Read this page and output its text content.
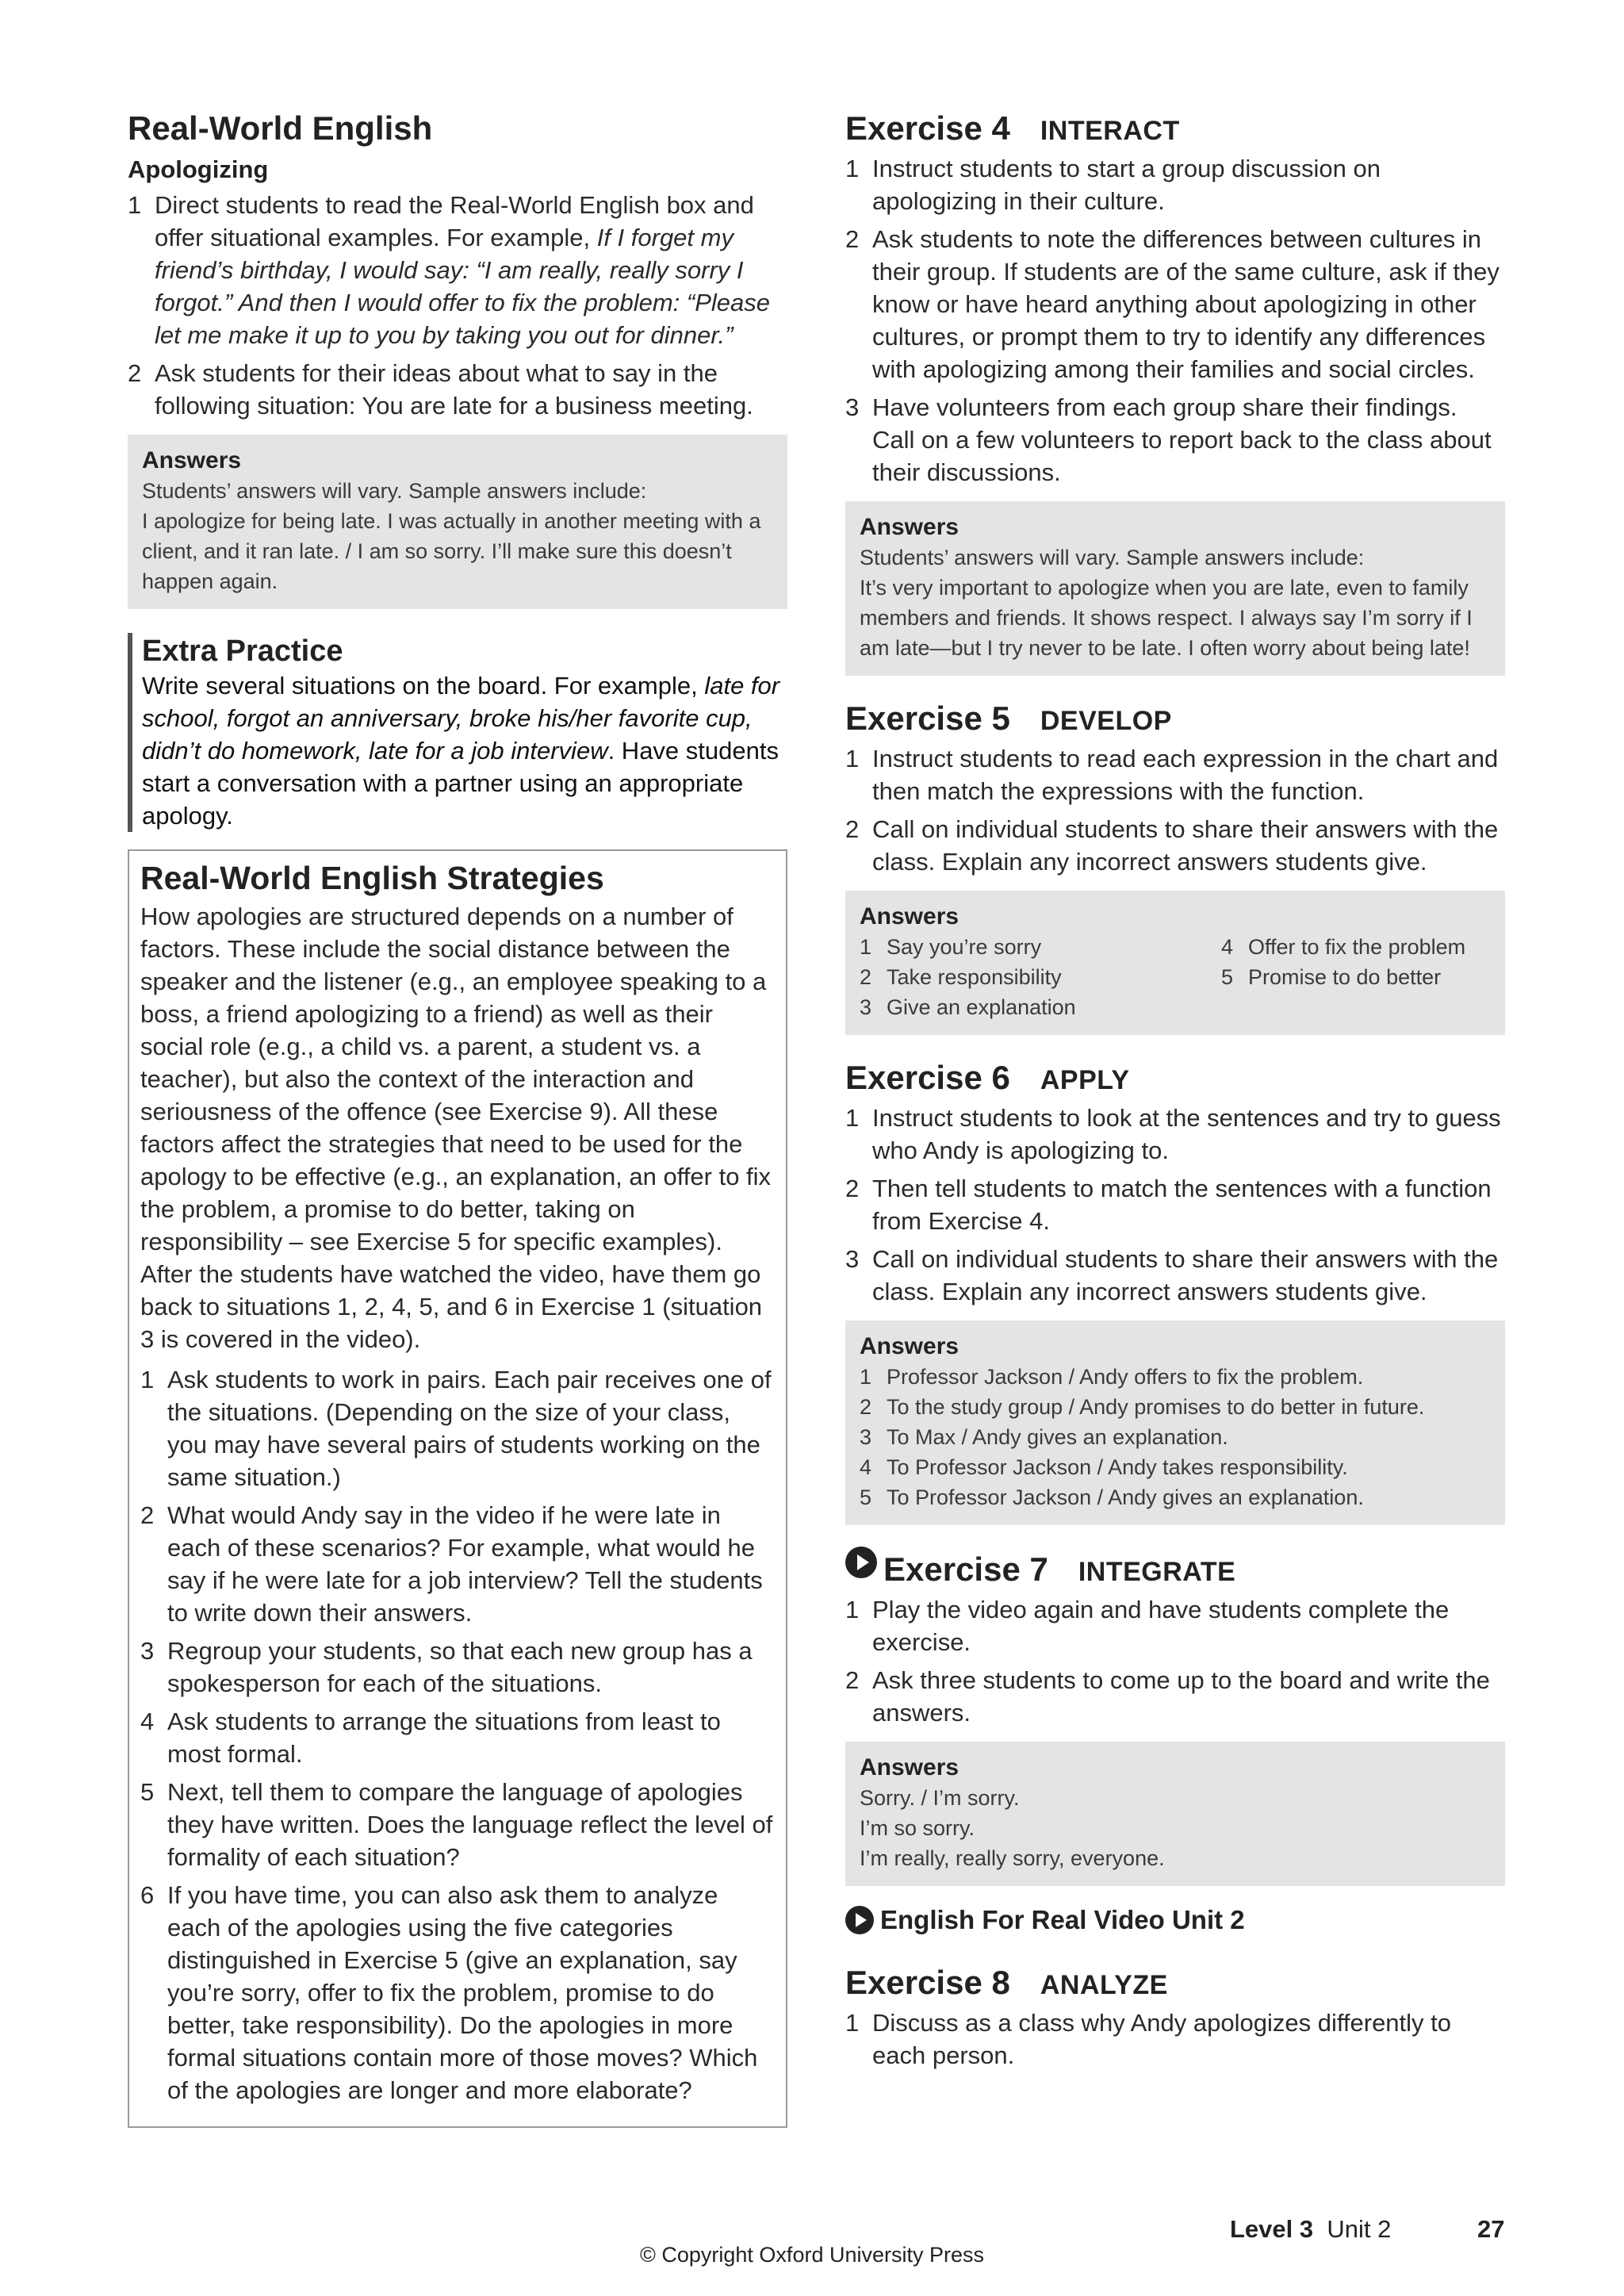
Real-World English
Apologizing
1 Direct students to read the Real-World English box and offer situational examples. For example, If I forget my friend’s birthday, I would say: “I am really, really sorry I forgot.” And then I would offer to fix the problem: “Please let me make it up to you by taking you out for dinner.”
2 Ask students for their ideas about what to say in the following situation: You are late for a business meeting.
Answers
Students’ answers will vary. Sample answers include:
I apologize for being late. I was actually in another meeting with a client, and it ran late. / I am so sorry. I’ll make sure this doesn’t happen again.
Extra Practice
Write several situations on the board. For example, late for school, forgot an anniversary, broke his/her favorite cup, didn’t do homework, late for a job interview. Have students start a conversation with a partner using an appropriate apology.
Real-World English Strategies
How apologies are structured depends on a number of factors. These include the social distance between the speaker and the listener (e.g., an employee speaking to a boss, a friend apologizing to a friend) as well as their social role (e.g., a child vs. a parent, a student vs. a teacher), but also the context of the interaction and seriousness of the offence (see Exercise 9). All these factors affect the strategies that need to be used for the apology to be effective (e.g., an explanation, an offer to fix the problem, a promise to do better, taking on responsibility – see Exercise 5 for specific examples). After the students have watched the video, have them go back to situations 1, 2, 4, 5, and 6 in Exercise 1 (situation 3 is covered in the video).
1 Ask students to work in pairs. Each pair receives one of the situations. (Depending on the size of your class, you may have several pairs of students working on the same situation.)
2 What would Andy say in the video if he were late in each of these scenarios? For example, what would he say if he were late for a job interview? Tell the students to write down their answers.
3 Regroup your students, so that each new group has a spokesperson for each of the situations.
4 Ask students to arrange the situations from least to most formal.
5 Next, tell them to compare the language of apologies they have written. Does the language reflect the level of formality of each situation?
6 If you have time, you can also ask them to analyze each of the apologies using the five categories distinguished in Exercise 5 (give an explanation, say you’re sorry, offer to fix the problem, promise to do better, take responsibility). Do the apologies in more formal situations contain more of those moves? Which of the apologies are longer and more elaborate?
Exercise 4 INTERACT
1 Instruct students to start a group discussion on apologizing in their culture.
2 Ask students to note the differences between cultures in their group. If students are of the same culture, ask if they know or have heard anything about apologizing in other cultures, or prompt them to try to identify any differences with apologizing among their families and social circles.
3 Have volunteers from each group share their findings. Call on a few volunteers to report back to the class about their discussions.
Answers
Students’ answers will vary. Sample answers include:
It’s very important to apologize when you are late, even to family members and friends. It shows respect. I always say I’m sorry if I am late—but I try never to be late. I often worry about being late!
Exercise 5 DEVELOP
1 Instruct students to read each expression in the chart and then match the expressions with the function.
2 Call on individual students to share their answers with the class. Explain any incorrect answers students give.
Answers
1 Say you’re sorry
2 Take responsibility
3 Give an explanation
4 Offer to fix the problem
5 Promise to do better
Exercise 6 APPLY
1 Instruct students to look at the sentences and try to guess who Andy is apologizing to.
2 Then tell students to match the sentences with a function from Exercise 4.
3 Call on individual students to share their answers with the class. Explain any incorrect answers students give.
Answers
1 Professor Jackson / Andy offers to fix the problem.
2 To the study group / Andy promises to do better in future.
3 To Max / Andy gives an explanation.
4 To Professor Jackson / Andy takes responsibility.
5 To Professor Jackson / Andy gives an explanation.
Exercise 7 INTEGRATE
1 Play the video again and have students complete the exercise.
2 Ask three students to come up to the board and write the answers.
Answers
Sorry. / I’m sorry.
I’m so sorry.
I’m really, really sorry, everyone.
English For Real Video Unit 2
Exercise 8 ANALYZE
1 Discuss as a class why Andy apologizes differently to each person.
Level 3 Unit 2	27
© Copyright Oxford University Press
